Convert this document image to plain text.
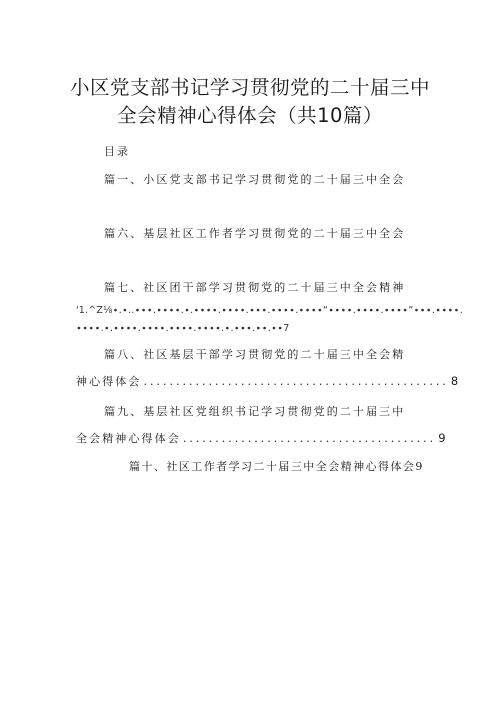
小区党支部书记学习贯彻党的二十届三中
全会精神心得体会（共10篇）
目录
篇一、小区党支部书记学习贯彻党的二十届三中全会
篇六、基层社区工作者学习贯彻党的二十届三中全会
篇七、社区团干部学习贯彻党的二十届三中全会精神
'1.^Z⅛∙.∙..∙∙∙.∙∙∙∙.∙.∙∙∙∙.∙∙∙∙.∙∙∙.∙∙∙∙.∙∙∙∙“∙∙∙∙.∙∙∙∙.∙∙∙∙”∙∙∙.∙∙∙∙.
∙∙∙∙.∙.∙∙∙∙.∙∙∙∙.∙∙∙∙.∙∙∙∙.∙.∙∙∙.∙∙.∙∙7
篇八、社区基层干部学习贯彻党的二十届三中全会精
神心得体会 ............................................... 8
篇九、基层社区党组织书记学习贯彻党的二十届三中
全会精神心得体会 ....................................... 9
篇十、社区工作者学习二十届三中全会精神心得体会9
